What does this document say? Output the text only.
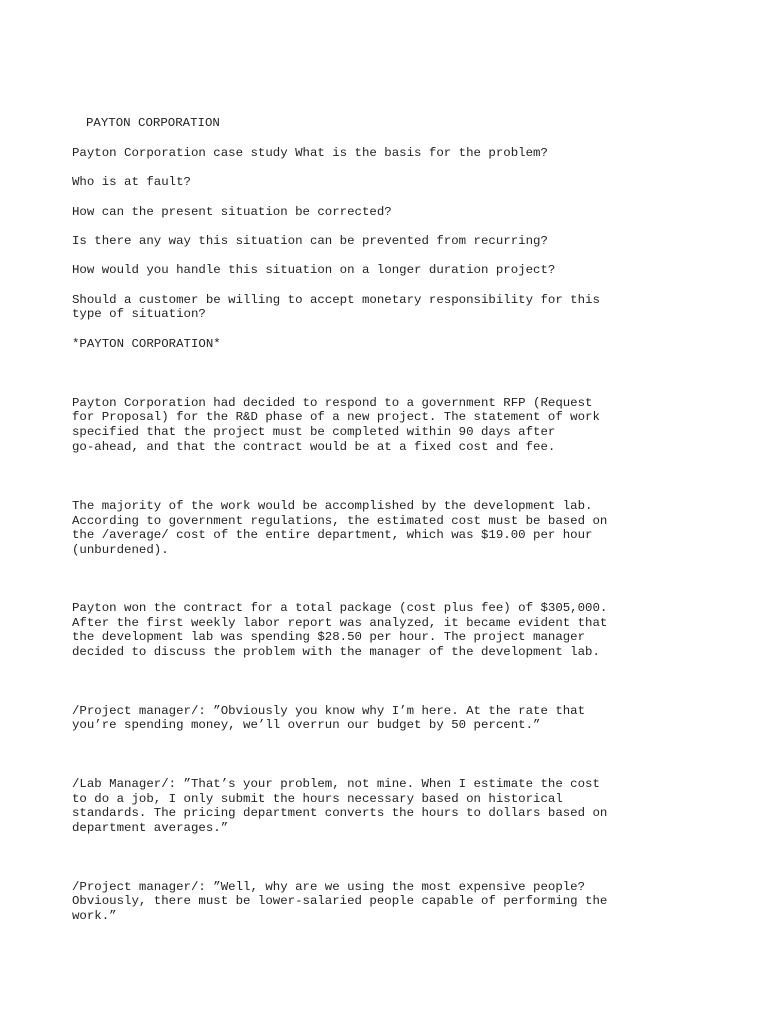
PAYTON CORPORATION

Payton Corporation case study What is the basis for the problem?

Who is at fault?

How can the present situation be corrected?

Is there any way this situation can be prevented from recurring?

How would you handle this situation on a longer duration project?

Should a customer be willing to accept monetary responsibility for this

type of situation?

*PAYTON CORPORATION*

Payton Corporation had decided to respond to a government RFP (Request

for Proposal) for the R&D phase of a new project. The statement of work

specified that the project must be completed within 90 days after

go-ahead, and that the contract would be at a fixed cost and fee.

The majority of the work would be accomplished by the development lab.

According to government regulations, the estimated cost must be based on

the /average/ cost of the entire department, which was $19.00 per hour

(unburdened).

Payton won the contract for a total package (cost plus fee) of $305,000.

After the first weekly labor report was analyzed, it became evident that

the development lab was spending $28.50 per hour. The project manager

decided to discuss the problem with the manager of the development lab.

/Project manager/: ”Obviously you know why I’m here. At the rate that

you’re spending money, we’ll overrun our budget by 50 percent.”

/Lab Manager/: ”That’s your problem, not mine. When I estimate the cost

to do a job, I only submit the hours necessary based on historical

standards. The pricing department converts the hours to dollars based on

department averages.”

/Project manager/: ”Well, why are we using the most expensive people?

Obviously, there must be lower-salaried people capable of performing the

work.”
